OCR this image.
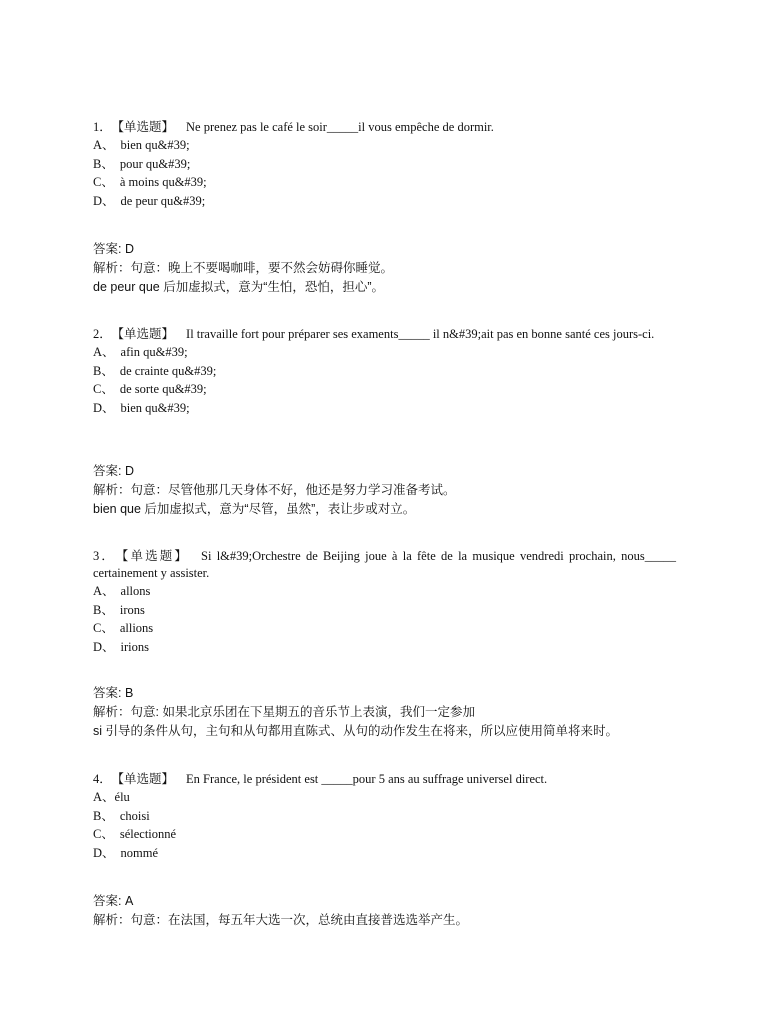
1． 【单选题】 Ne prenez pas le café le soir_____il vous empêche de dormir.

A、 bien qu&#39;

B、 pour qu&#39;

C、 à moins qu&#39;

D、 de peur qu&#39;

答案: D

解析：句意：晚上不要喝咖啡，要不然会妨碍你睡觉。

de peur que 后加虚拟式，意为“生怕，恐怕，担心”。

2． 【单选题】 Il travaille fort pour préparer ses examents_____ il n&#39;ait pas en bonne santé ces jours-ci.

A、 afin qu&#39;

B、 de crainte qu&#39;

C、 de sorte qu&#39;

D、 bien qu&#39;

答案: D

解析：句意：尽管他那几天身体不好，他还是努力学习准备考试。

bien que 后加虚拟式，意为“尽管，虽然”，表让步或对立。

3． 【单选题】 Si l&#39;Orchestre de Beijing joue à la fête de la musique vendredi prochain, nous_____ certainement y assister.

A、 allons

B、 irons

C、 allions

D、 irions

答案: B

解析：句意: 如果北京乐团在下星期五的音乐节上表演，我们一定参加

si 引导的条件从句，主句和从句都用直陈式、从句的动作发生在将来，所以应使用简单将来时。

4． 【单选题】 En France, le président est _____pour 5 ans au suffrage universel direct.

A、élu

B、 choisi

C、 sélectionné

D、 nommé

答案: A

解析：句意：在法国，每五年大选一次，总统由直接普选选举产生。
